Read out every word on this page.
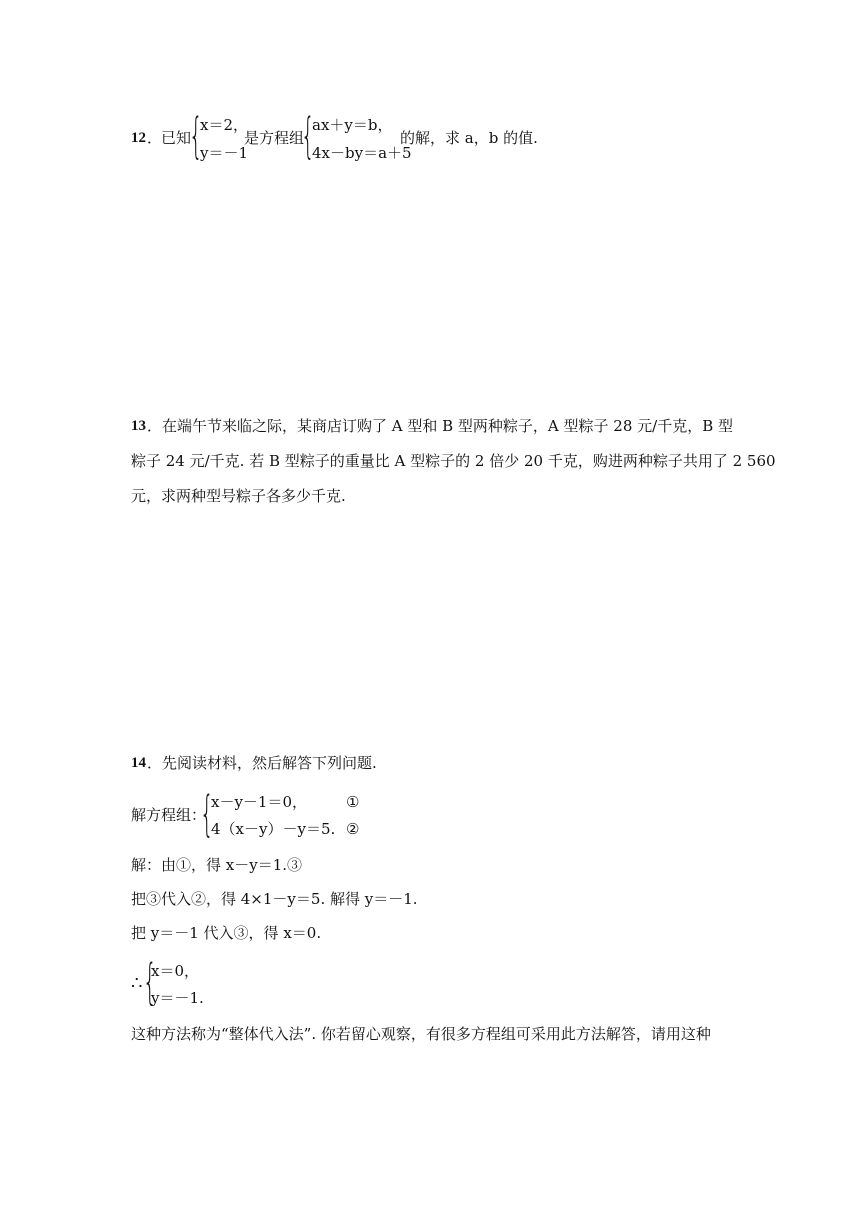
12 ．
已知
{
x＝2，
y＝－1
是方程组
{
ax＋y＝b，
4x－by＝a＋5
的解，求 a，b 的值.
13 ． 在端午节来临之际，某商店订购了 A 型和 B 型两种粽子，A 型粽子 28 元/千克，B 型
粽子 24 元/千克. 若 B 型粽子的重量比 A 型粽子的 2 倍少 20 千克，购进两种粽子共用了 2 560
元，求两种型号粽子各多少千克.
14 ． 先阅读材料，然后解答下列问题.
解方程组：
{
x－y－1＝0，
4（x－y）－y＝5.
①
②
解：由①，得 x－y＝1.③
把③代入②，得 4×1－y＝5. 解得 y＝－1.
把 y＝－1 代入③，得 x＝0.
∴ {
x＝0，
y＝－1.
这种方法称为“整体代入法”. 你若留心观察，有很多方程组可采用此方法解答，请用这种
